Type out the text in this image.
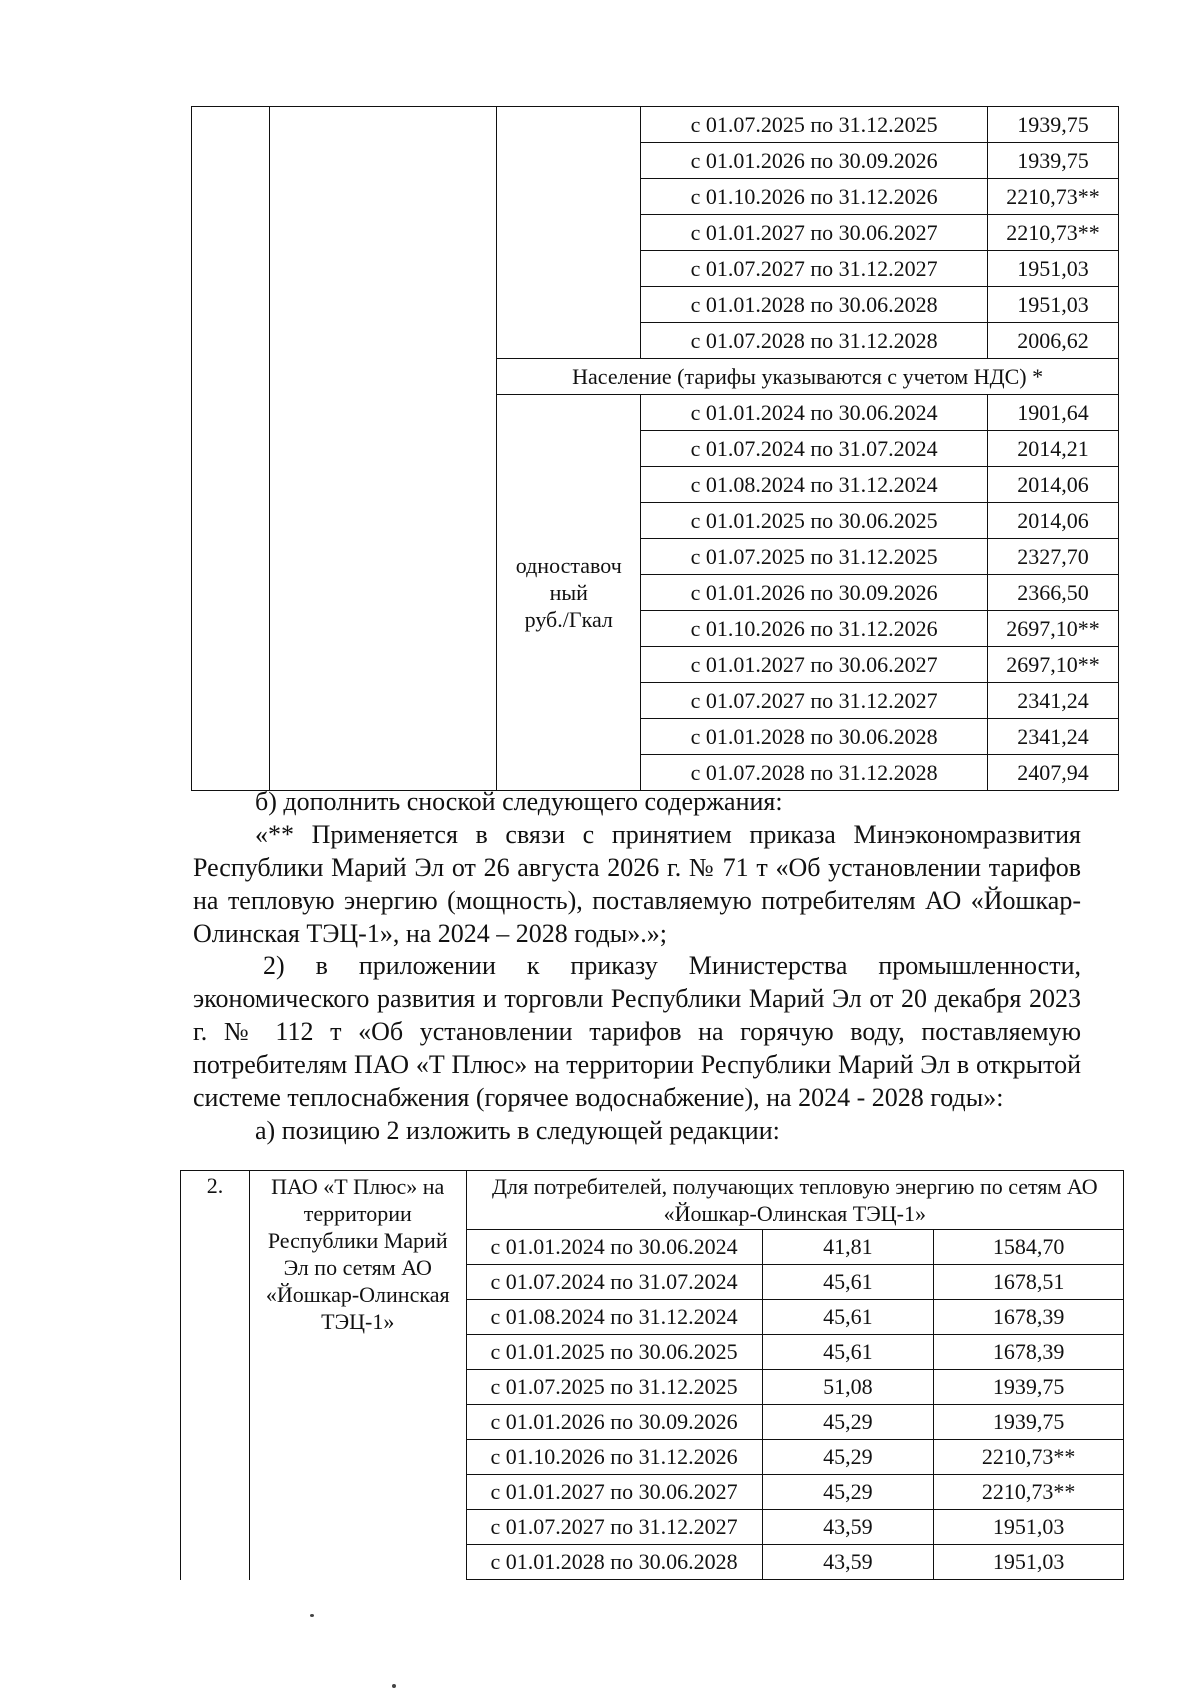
			с 01.07.2025 по 31.12.2025	1939,75
			с 01.01.2026 по 30.09.2026	1939,75
			с 01.10.2026 по 31.12.2026	2210,73**
			с 01.01.2027 по 30.06.2027	2210,73**
			с 01.07.2027 по 31.12.2027	1951,03
			с 01.01.2028 по 30.06.2028	1951,03
			с 01.07.2028 по 31.12.2028	2006,62
		Население (тарифы указываются с учетом НДС) *		

		одноставоч
ный
руб./Гкал	с 01.01.2024 по 30.06.2024	1901,64
			с 01.07.2024 по 31.07.2024	2014,21
			с 01.08.2024 по 31.12.2024	2014,06
			с 01.01.2025 по 30.06.2025	2014,06
			с 01.07.2025 по 31.12.2025	2327,70
			с 01.01.2026 по 30.09.2026	2366,50
			с 01.10.2026 по 31.12.2026	2697,10**
			с 01.01.2027 по 30.06.2027	2697,10**
			с 01.07.2027 по 31.12.2027	2341,24
			с 01.01.2028 по 30.06.2028	2341,24
			с 01.07.2028 по 31.12.2028	2407,94

б) дополнить сноской следующего содержания:

«** Применяется в связи с принятием приказа Минэкономразвития Республики Марий Эл от 26 августа 2026 г. № 71 т «Об установлении тарифов на тепловую энергию (мощность), поставляемую потребителям АО «Йошкар-Олинская ТЭЦ-1», на 2024 – 2028 годы».»;

2) в приложении к приказу Министерства промышленности, экономического развития и торговли Республики Марий Эл от 20 декабря 2023 г. № 112 т «Об установлении тарифов на горячую воду, поставляемую потребителям ПАО «Т Плюс» на территории Республики Марий Эл в открытой системе теплоснабжения (горячее водоснабжение), на 2024 - 2028 годы»:

а) позицию 2 изложить в следующей редакции:

2.	ПАО «Т Плюс» на территории Республики Марий Эл по сетям АО «Йошкар-Олинская ТЭЦ-1»	Для потребителей, получающих тепловую энергию по сетям АО «Йошкар-Олинская ТЭЦ-1»		
		с 01.01.2024 по 30.06.2024	41,81	1584,70
		с 01.07.2024 по 31.07.2024	45,61	1678,51
		с 01.08.2024 по 31.12.2024	45,61	1678,39
		с 01.01.2025 по 30.06.2025	45,61	1678,39
		с 01.07.2025 по 31.12.2025	51,08	1939,75
		с 01.01.2026 по 30.09.2026	45,29	1939,75
		с 01.10.2026 по 31.12.2026	45,29	2210,73**
		с 01.01.2027 по 30.06.2027	45,29	2210,73**
		с 01.07.2027 по 31.12.2027	43,59	1951,03
		с 01.01.2028 по 30.06.2028	43,59	1951,03
